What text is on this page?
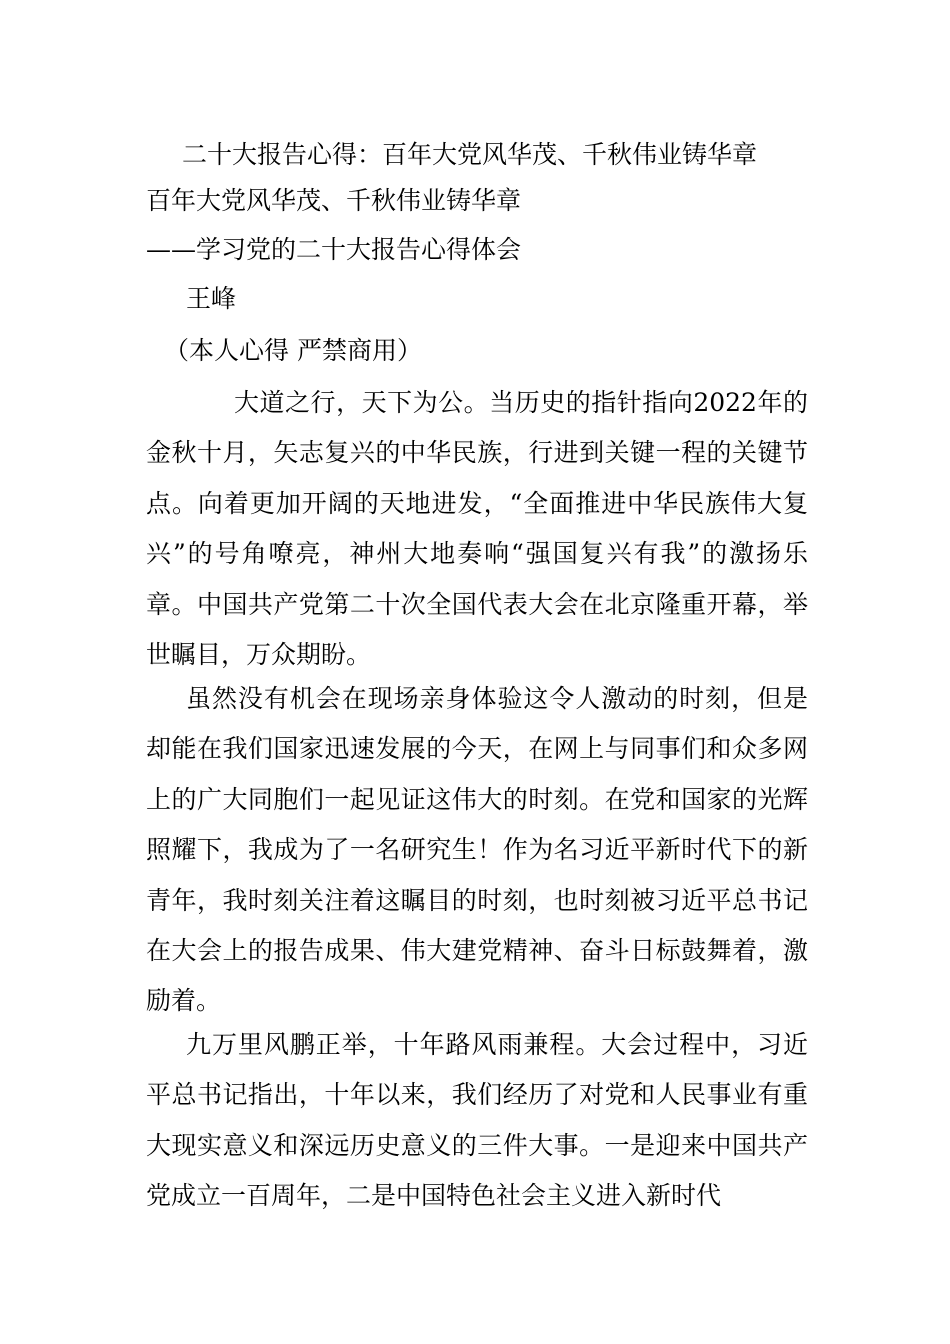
二十大报告心得：百年大党风华茂、千秋伟业铸华章

百年大党风华茂、千秋伟业铸华章

——学习党的二十大报告心得体会

王峰

（本人心得 严禁商用）

大道之行，天下为公。当历史的指针指向2022年的金秋十月，矢志复兴的中华民族，行进到关键一程的关键节点。向着更加开阔的天地进发，“全面推进中华民族伟大复兴”的号角嘹亮，神州大地奏响“强国复兴有我”的激扬乐章。中国共产党第二十次全国代表大会在北京隆重开幕，举世瞩目，万众期盼。

虽然没有机会在现场亲身体验这令人激动的时刻，但是却能在我们国家迅速发展的今天，在网上与同事们和众多网上的广大同胞们一起见证这伟大的时刻。在党和国家的光辉照耀下，我成为了一名研究生！作为名习近平新时代下的新青年，我时刻关注着这瞩目的时刻，也时刻被习近平总书记在大会上的报告成果、伟大建党精神、奋斗日标鼓舞着，激励着。

九万里风鹏正举，十年路风雨兼程。大会过程中，习近平总书记指出，十年以来，我们经历了对党和人民事业有重大现实意义和深远历史意义的三件大事。一是迎来中国共产党成立一百周年，二是中国特色社会主义进入新时代
